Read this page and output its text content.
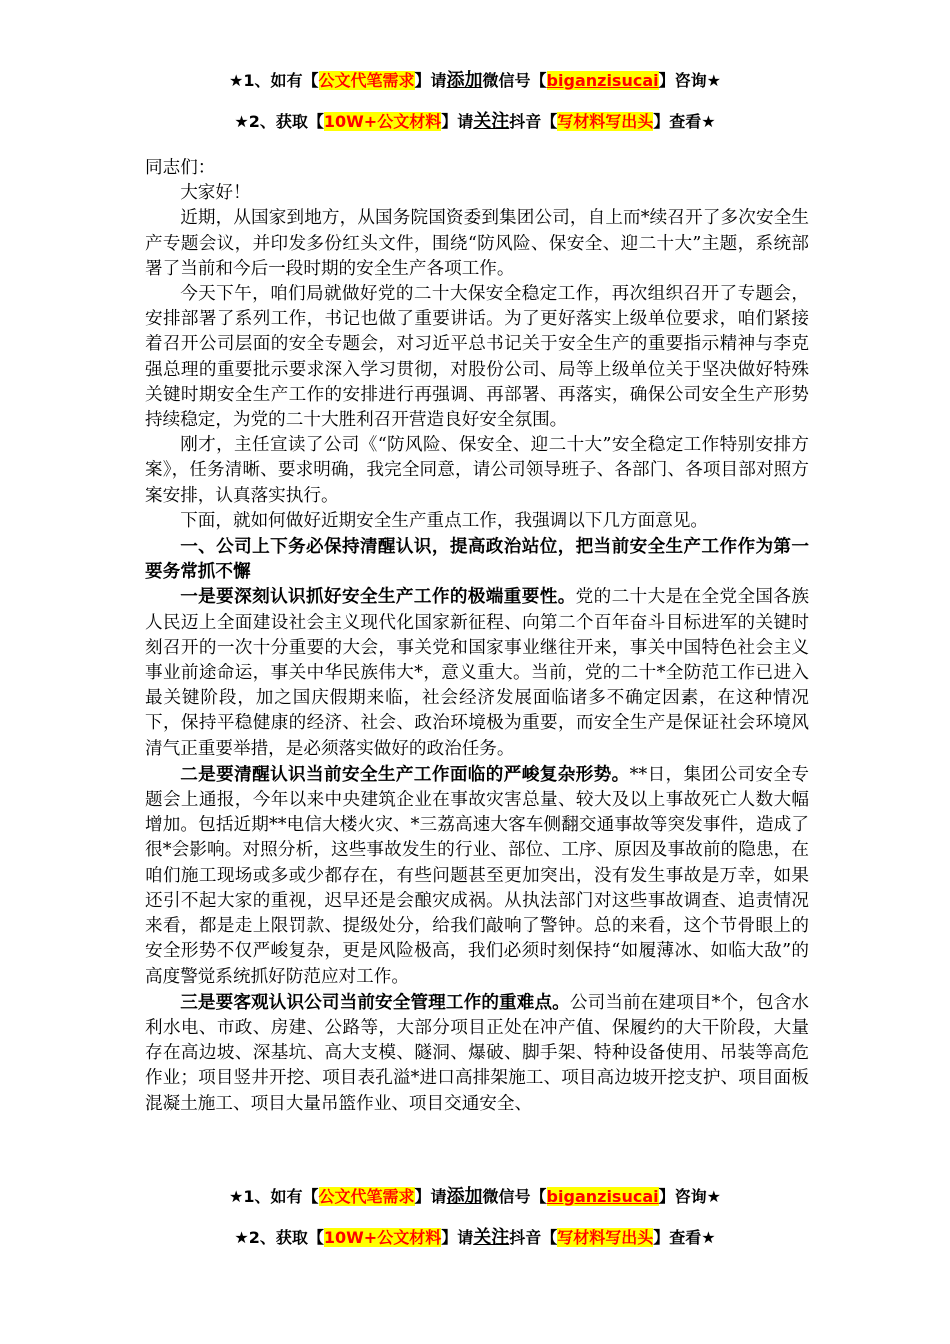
★1、如有【公文代笔需求】请添加微信号【biganzisucai】咨询★
★2、获取【10W+公文材料】请关注抖音【写材料写出头】查看★

同志们：

大家好！

近期，从国家到地方，从国务院国资委到集团公司，自上而*续召开了多次安全生产专题会议，并印发多份红头文件，围绕“防风险、保安全、迎二十大”主题，系统部署了当前和今后一段时期的安全生产各项工作。

今天下午，咱们局就做好党的二十大保安全稳定工作，再次组织召开了专题会，安排部署了系列工作，书记也做了重要讲话。为了更好落实上级单位要求，咱们紧接着召开公司层面的安全专题会，对习近平总书记关于安全生产的重要指示精神与李克强总理的重要批示要求深入学习贯彻，对股份公司、局等上级单位关于坚决做好特殊关键时期安全生产工作的安排进行再强调、再部署、再落实，确保公司安全生产形势持续稳定，为党的二十大胜利召开营造良好安全氛围。

刚才，主任宣读了公司《“防风险、保安全、迎二十大”安全稳定工作特别安排方案》，任务清晰、要求明确，我完全同意，请公司领导班子、各部门、各项目部对照方案安排，认真落实执行。

下面，就如何做好近期安全生产重点工作，我强调以下几方面意见。

一、公司上下务必保持清醒认识，提高政治站位，把当前安全生产工作作为第一要务常抓不懈

一是要深刻认识抓好安全生产工作的极端重要性。党的二十大是在全党全国各族人民迈上全面建设社会主义现代化国家新征程、向第二个百年奋斗目标进军的关键时刻召开的一次十分重要的大会，事关党和国家事业继往开来，事关中国特色社会主义事业前途命运，事关中华民族伟大*，意义重大。当前，党的二十*全防范工作已进入最关键阶段，加之国庆假期来临，社会经济发展面临诸多不确定因素，在这种情况下，保持平稳健康的经济、社会、政治环境极为重要，而安全生产是保证社会环境风清气正重要举措，是必须落实做好的政治任务。

二是要清醒认识当前安全生产工作面临的严峻复杂形势。**日，集团公司安全专题会上通报，今年以来中央建筑企业在事故灾害总量、较大及以上事故死亡人数大幅增加。包括近期**电信大楼火灾、*三荔高速大客车侧翻交通事故等突发事件，造成了很*会影响。对照分析，这些事故发生的行业、部位、工序、原因及事故前的隐患，在咱们施工现场或多或少都存在，有些问题甚至更加突出，没有发生事故是万幸，如果还引不起大家的重视，迟早还是会酿灾成祸。从执法部门对这些事故调查、追责情况来看，都是走上限罚款、提级处分，给我们敲响了警钟。总的来看，这个节骨眼上的安全形势不仅严峻复杂，更是风险极高，我们必须时刻保持“如履薄冰、如临大敌”的高度警觉系统抓好防范应对工作。

三是要客观认识公司当前安全管理工作的重难点。公司当前在建项目*个，包含水利水电、市政、房建、公路等，大部分项目正处在冲产值、保履约的大干阶段，大量存在高边坡、深基坑、高大支模、隧洞、爆破、脚手架、特种设备使用、吊装等高危作业；项目竖井开挖、项目表孔溢*进口高排架施工、项目高边坡开挖支护、项目面板混凝土施工、项目大量吊篮作业、项目交通安全、

★1、如有【公文代笔需求】请添加微信号【biganzisucai】咨询★
★2、获取【10W+公文材料】请关注抖音【写材料写出头】查看★
